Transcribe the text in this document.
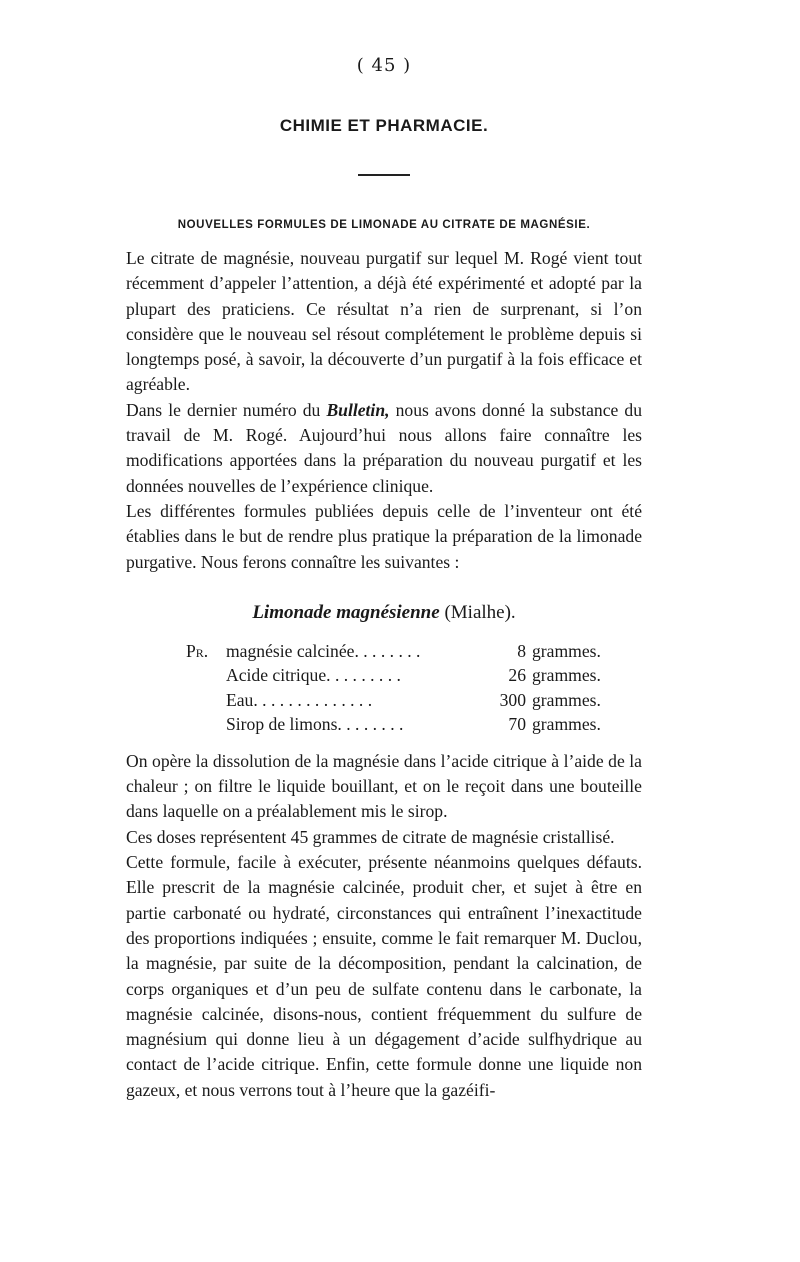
( 45 )
CHIMIE ET PHARMACIE.
NOUVELLES FORMULES DE LIMONADE AU CITRATE DE MAGNÉSIE.

Le citrate de magnésie, nouveau purgatif sur lequel M. Rogé vient tout récemment d’appeler l’attention, a déjà été expérimenté et adopté par la plupart des praticiens. Ce résultat n’a rien de surprenant, si l’on considère que le nouveau sel résout complétement le problème depuis si longtemps posé, à savoir, la découverte d’un purgatif à la fois efficace et agréable.

Dans le dernier numéro du Bulletin, nous avons donné la substance du travail de M. Rogé. Aujourd’hui nous allons faire connaître les modifications apportées dans la préparation du nouveau purgatif et les données nouvelles de l’expérience clinique.

Les différentes formules publiées depuis celle de l’inventeur ont été établies dans le but de rendre plus pratique la préparation de la limonade purgative. Nous ferons connaître les suivantes :

Limonade magnésienne (Mialhe).
Pr.	magnésie calcinée. . . . . . . .	8 grammes.
Acide citrique. . . . . . . . .	26 grammes.
Eau. . . . . . . . . . . . . .	300 grammes.
Sirop de limons. . . . . . . .	70 grammes.

On opère la dissolution de la magnésie dans l’acide citrique à l’aide de la chaleur ; on filtre le liquide bouillant, et on le reçoit dans une bouteille dans laquelle on a préalablement mis le sirop.

Ces doses représentent 45 grammes de citrate de magnésie cristallisé.

Cette formule, facile à exécuter, présente néanmoins quelques défauts. Elle prescrit de la magnésie calcinée, produit cher, et sujet à être en partie carbonaté ou hydraté, circonstances qui entraînent l’inexactitude des proportions indiquées ; ensuite, comme le fait remarquer M. Duclou, la magnésie, par suite de la décomposition, pendant la calcination, de corps organiques et d’un peu de sulfate contenu dans le carbonate, la magnésie calcinée, disons-nous, contient fréquemment du sulfure de magnésium qui donne lieu à un dégagement d’acide sulfhydrique au contact de l’acide citrique. Enfin, cette formule donne une liquide non gazeux, et nous verrons tout à l’heure que la gazéifi-
